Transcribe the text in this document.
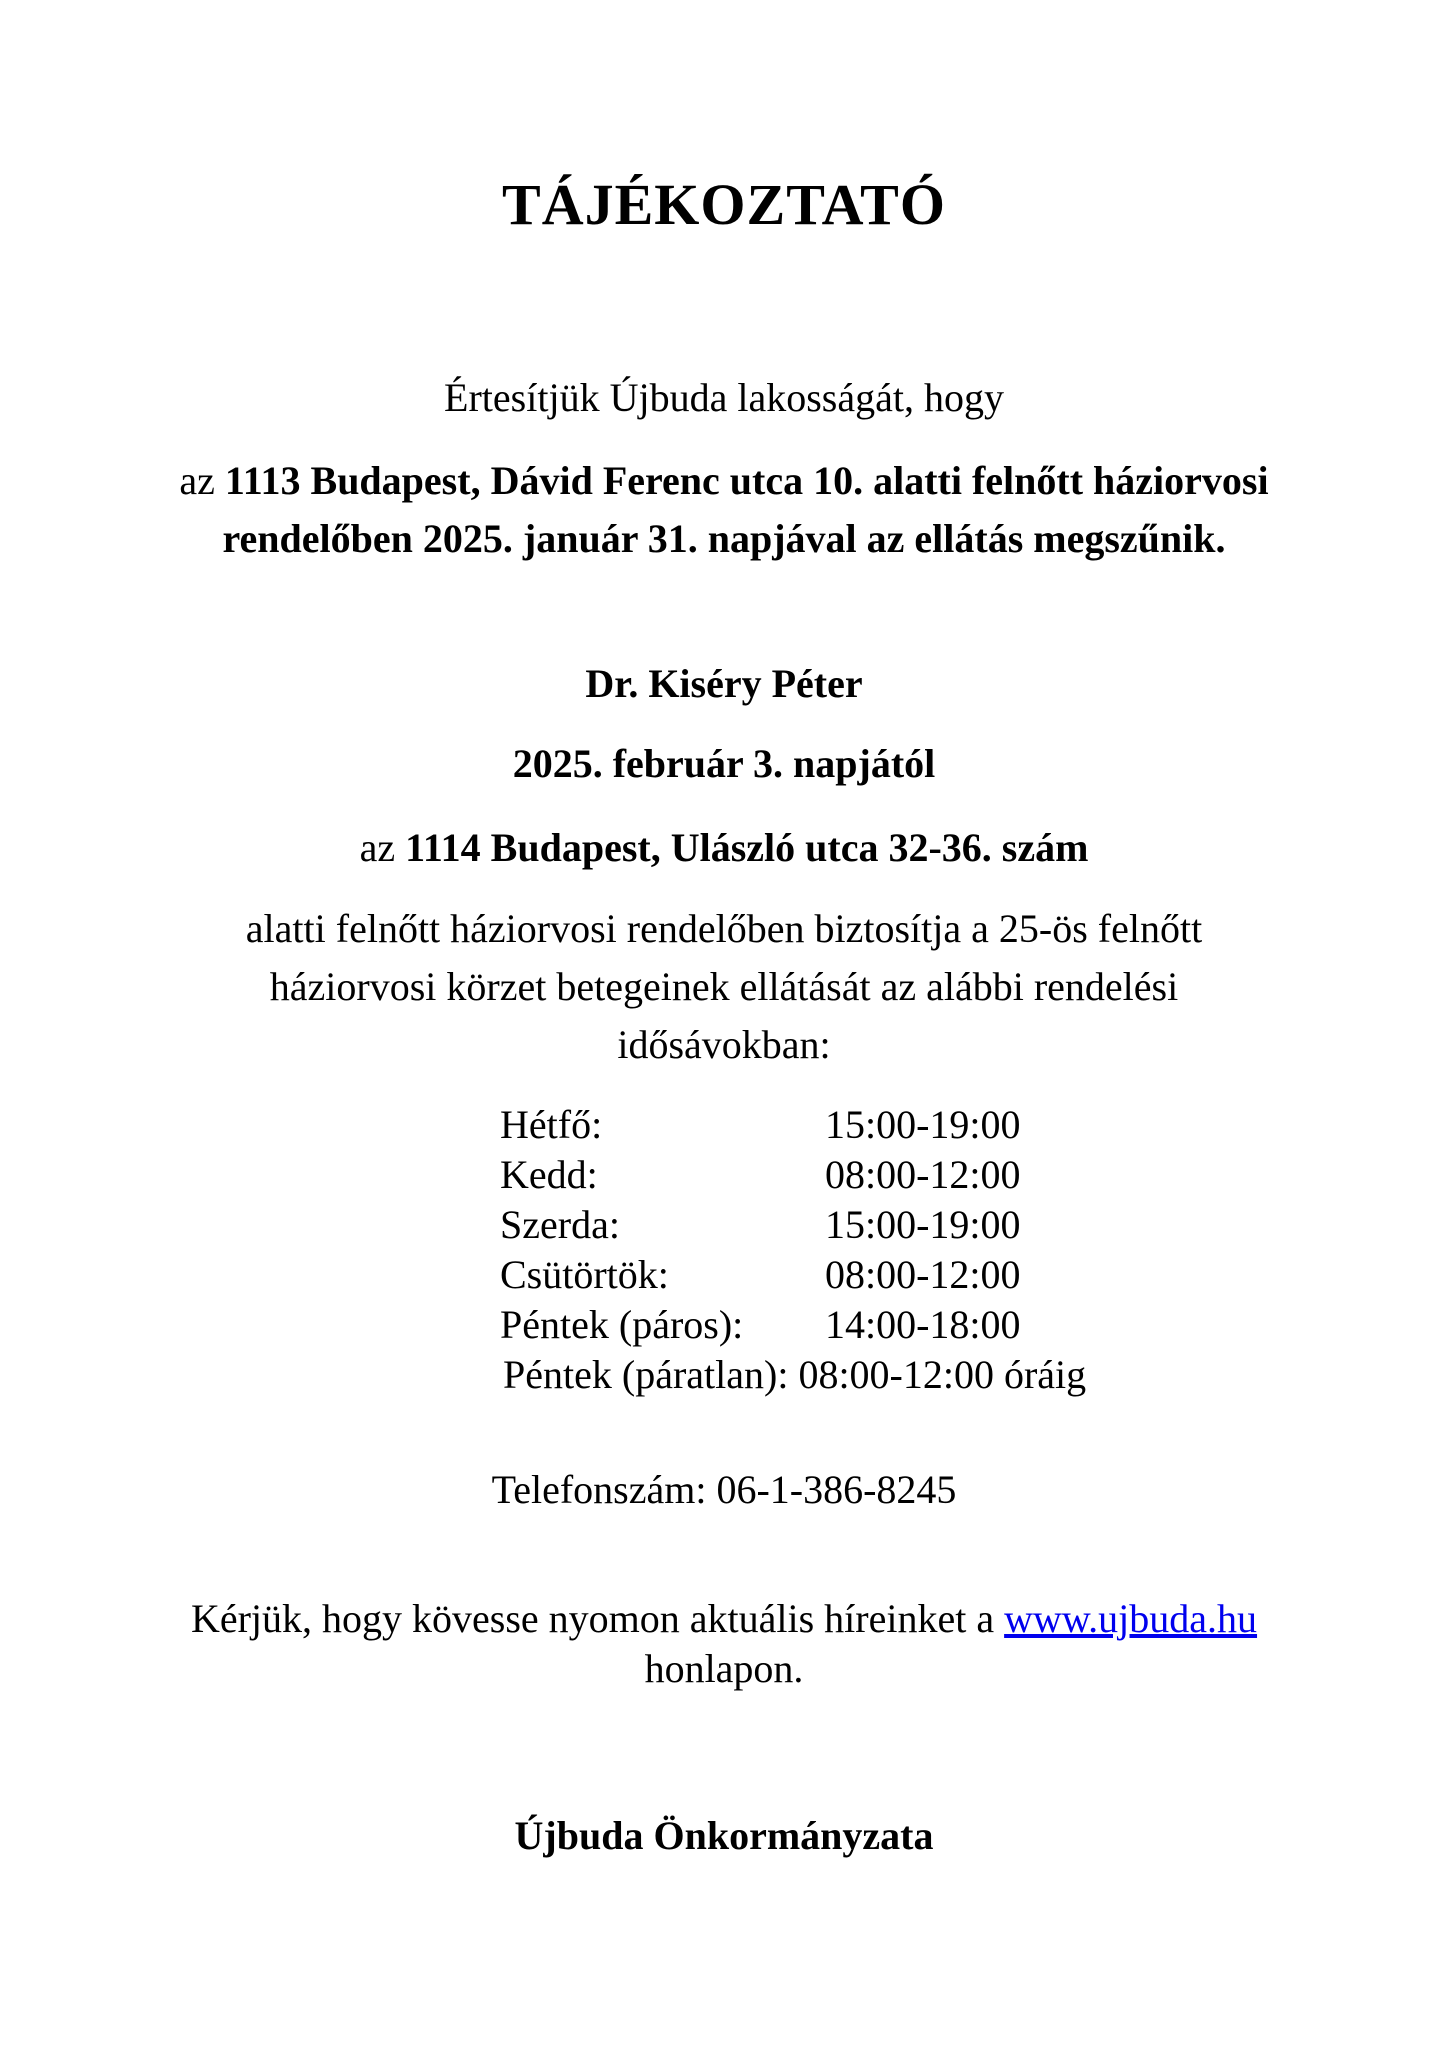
TÁJÉKOZTATÓ
Értesítjük Újbuda lakosságát, hogy
az 1113 Budapest, Dávid Ferenc utca 10. alatti felnőtt háziorvosi rendelőben 2025. január 31. napjával az ellátás megszűnik.
Dr. Kiséry Péter
2025. február 3. napjától
az 1114 Budapest, Ulászló utca 32-36. szám
alatti felnőtt háziorvosi rendelőben biztosítja a 25-ös felnőtt háziorvosi körzet betegeinek ellátását az alábbi rendelési idősávokban:
Hétfő:	15:00-19:00
Kedd:	08:00-12:00
Szerda:	15:00-19:00
Csütörtök:	08:00-12:00
Péntek (páros):	14:00-18:00
Péntek (páratlan): 08:00-12:00 óráig
Telefonszám: 06-1-386-8245
Kérjük, hogy kövesse nyomon aktuális híreinket a www.ujbuda.hu honlapon.
Újbuda Önkormányzata
